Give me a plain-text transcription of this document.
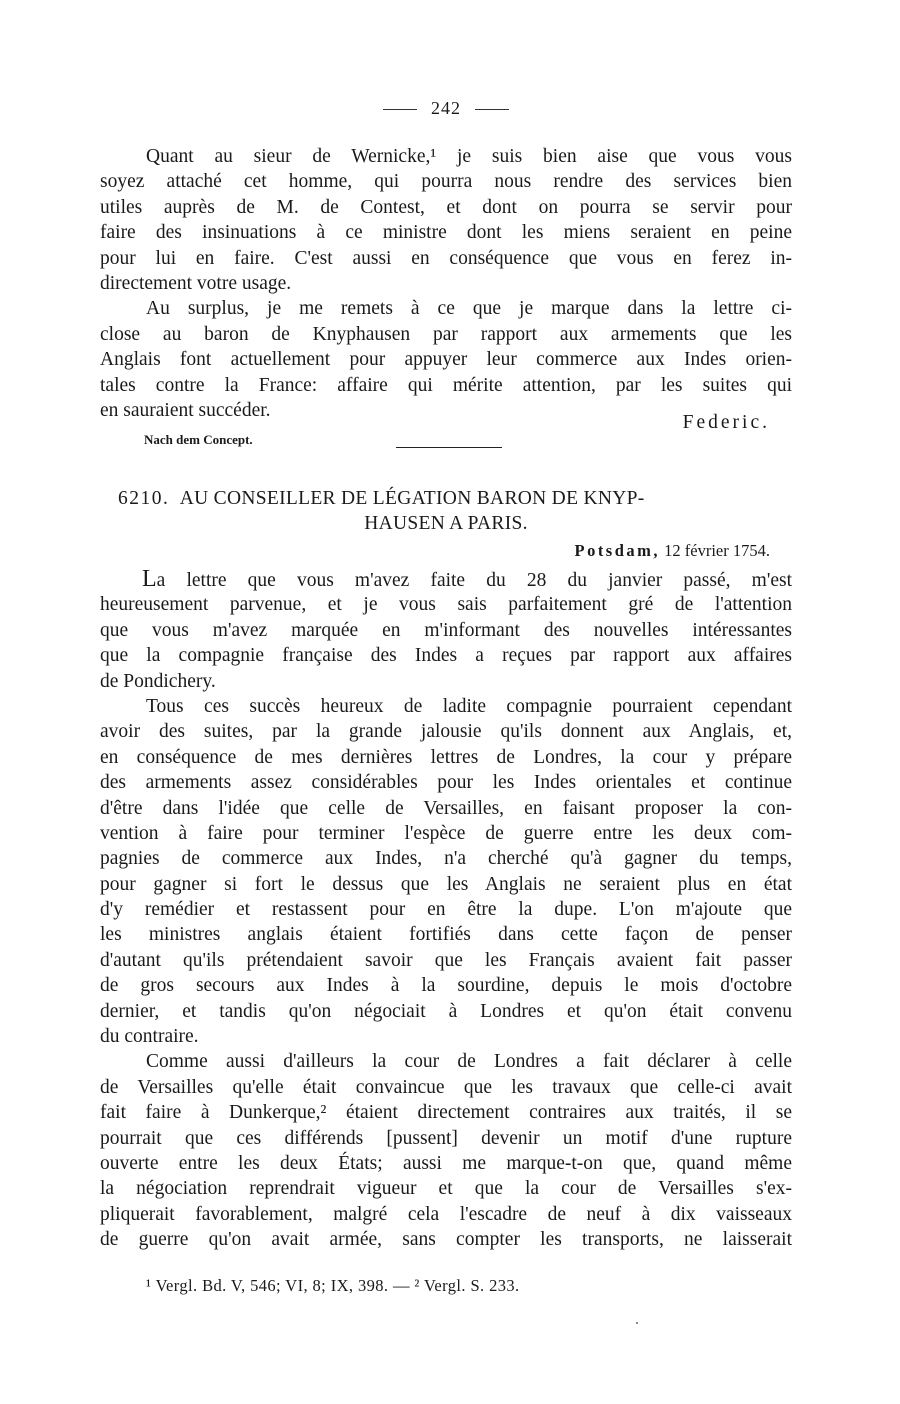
242
Quant au sieur de Wernicke,¹ je suis bien aise que vous vous
soyez attaché cet homme, qui pourra nous rendre des services bien
utiles auprès de M. de Contest, et dont on pourra se servir pour
faire des insinuations à ce ministre dont les miens seraient en peine
pour lui en faire. C'est aussi en conséquence que vous en ferez in-
directement votre usage.
Au surplus, je me remets à ce que je marque dans la lettre ci-
close au baron de Knyphausen par rapport aux armements que les
Anglais font actuellement pour appuyer leur commerce aux Indes orien-
tales contre la France: affaire qui mérite attention, par les suites qui
en sauraient succéder.
Federic.
Nach dem Concept.
6210. AU CONSEILLER DE LÉGATION BARON DE KNYP-
HAUSEN A PARIS.
Potsdam, 12 février 1754.
La lettre que vous m'avez faite du 28 du janvier passé, m'est
heureusement parvenue, et je vous sais parfaitement gré de l'attention
que vous m'avez marquée en m'informant des nouvelles intéressantes
que la compagnie française des Indes a reçues par rapport aux affaires
de Pondichery.
Tous ces succès heureux de ladite compagnie pourraient cependant
avoir des suites, par la grande jalousie qu'ils donnent aux Anglais, et,
en conséquence de mes dernières lettres de Londres, la cour y prépare
des armements assez considérables pour les Indes orientales et continue
d'être dans l'idée que celle de Versailles, en faisant proposer la con-
vention à faire pour terminer l'espèce de guerre entre les deux com-
pagnies de commerce aux Indes, n'a cherché qu'à gagner du temps,
pour gagner si fort le dessus que les Anglais ne seraient plus en état
d'y remédier et restassent pour en être la dupe. L'on m'ajoute que
les ministres anglais étaient fortifiés dans cette façon de penser
d'autant qu'ils prétendaient savoir que les Français avaient fait passer
de gros secours aux Indes à la sourdine, depuis le mois d'octobre
dernier, et tandis qu'on négociait à Londres et qu'on était convenu
du contraire.
Comme aussi d'ailleurs la cour de Londres a fait déclarer à celle
de Versailles qu'elle était convaincue que les travaux que celle-ci avait
fait faire à Dunkerque,² étaient directement contraires aux traités, il se
pourrait que ces différends [pussent] devenir un motif d'une rupture
ouverte entre les deux États; aussi me marque-t-on que, quand même
la négociation reprendrait vigueur et que la cour de Versailles s'ex-
pliquerait favorablement, malgré cela l'escadre de neuf à dix vaisseaux
de guerre qu'on avait armée, sans compter les transports, ne laisserait
¹ Vergl. Bd. V, 546; VI, 8; IX, 398. — ² Vergl. S. 233.
